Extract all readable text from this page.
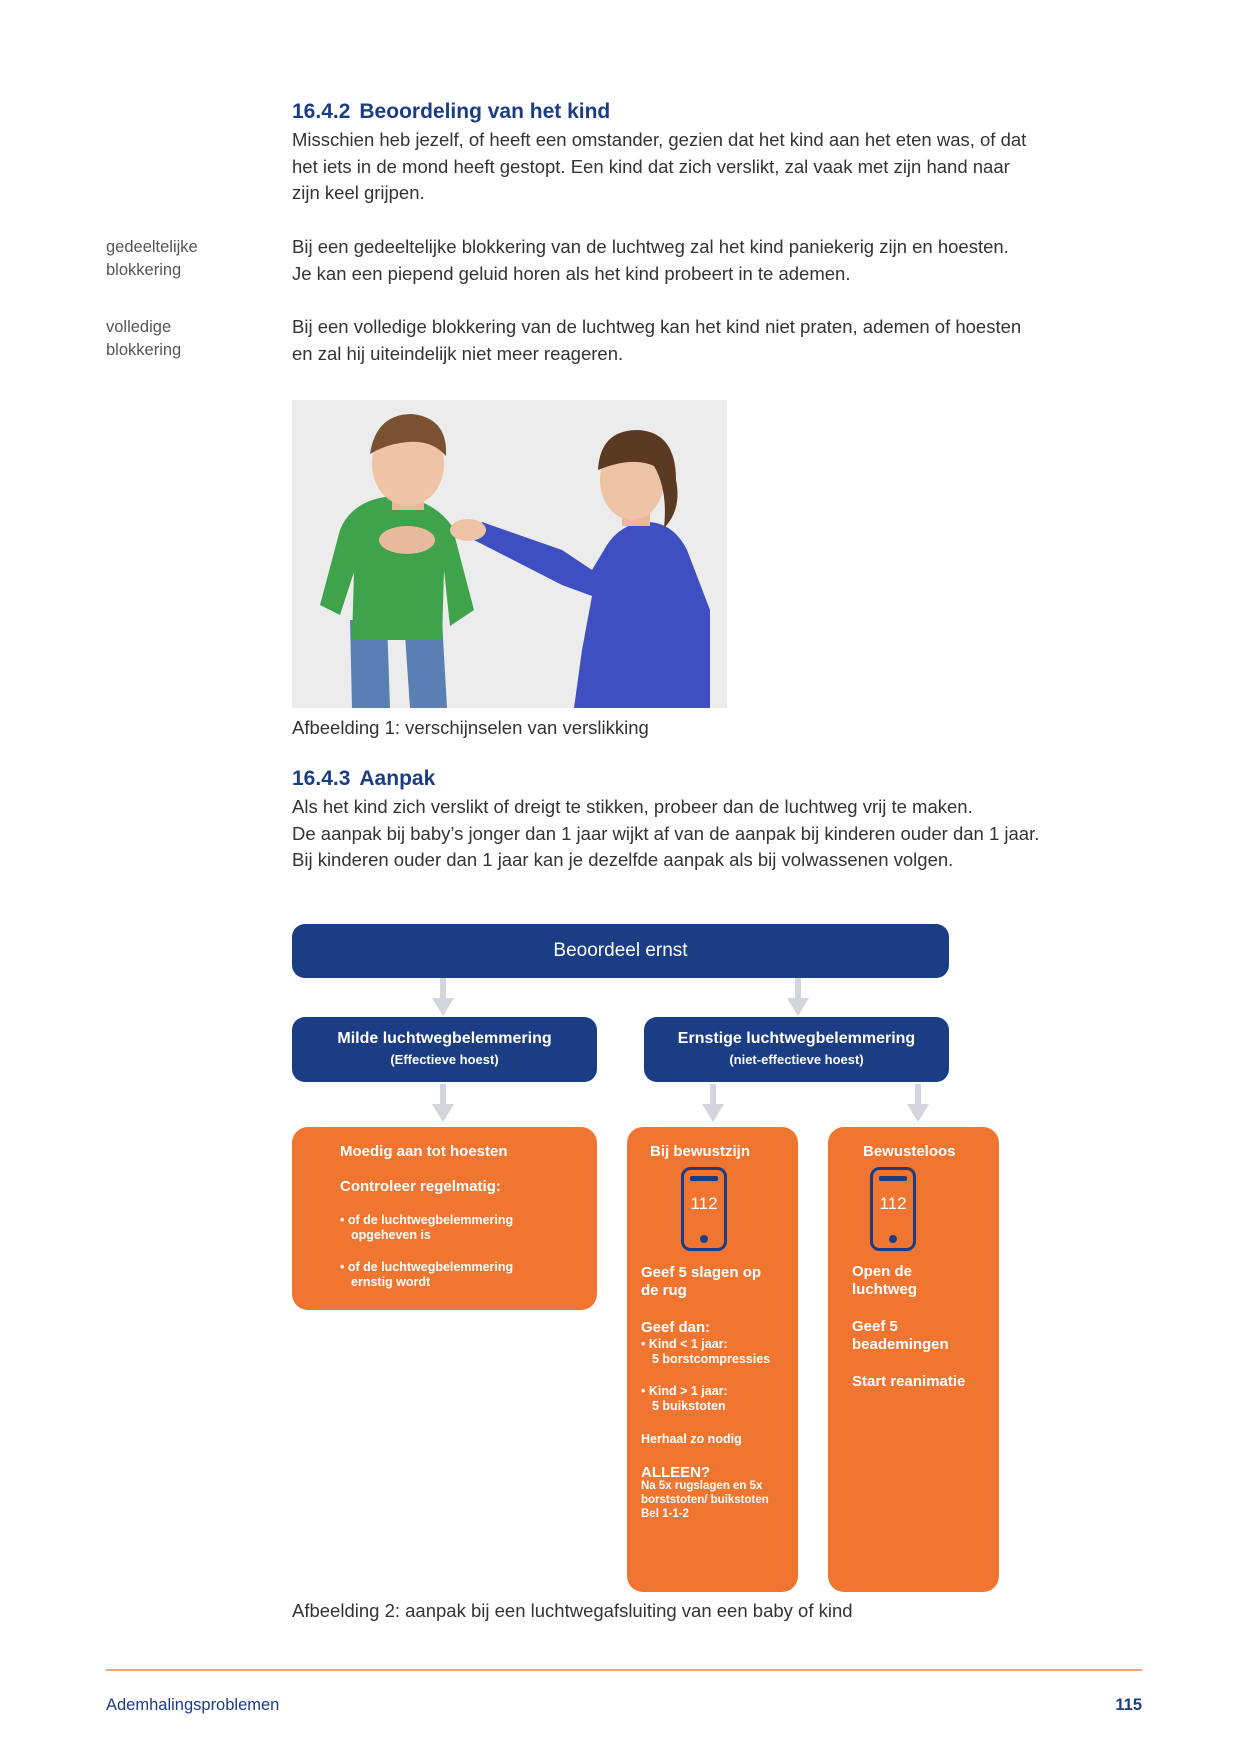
16.4.2 Beoordeling van het kind

Misschien heb jezelf, of heeft een omstander, gezien dat het kind aan het eten was, of dat

het iets in de mond heeft gestopt. Een kind dat zich verslikt, zal vaak met zijn hand naar

zijn keel grijpen.

gedeeltelijke
blokkering

Bij een gedeeltelijke blokkering van de luchtweg zal het kind paniekerig zijn en hoesten.

Je kan een piepend geluid horen als het kind probeert in te ademen.

volledige
blokkering

Bij een volledige blokkering van de luchtweg kan het kind niet praten, ademen of hoesten

en zal hij uiteindelijk niet meer reageren.

Afbeelding 1: verschijnselen van verslikking
16.4.3 Aanpak

Als het kind zich verslikt of dreigt te stikken, probeer dan de luchtweg vrij te maken.

De aanpak bij baby’s jonger dan 1 jaar wijkt af van de aanpak bij kinderen ouder dan 1 jaar.

Bij kinderen ouder dan 1 jaar kan je dezelfde aanpak als bij volwassenen volgen.

Beoordeel ernst
Milde luchtwegbelemmering
(Effectieve hoest)
Ernstige luchtwegbelemmering
(niet-effectieve hoest)
Moedig aan tot hoesten
Controleer regelmatig:
• of de luchtwegbelemmering
opgeheven is
• of de luchtwegbelemmering
ernstig wordt
Bij bewustzijn
112
Geef 5 slagen op
de rug
Geef dan:
• Kind < 1 jaar:
5 borstcompressies
• Kind > 1 jaar:
5 buikstoten
Herhaal zo nodig
ALLEEN?
Na 5x rugslagen en 5x
borststoten/ buikstoten
Bel 1-1-2
Bewusteloos
112
Open de
luchtweg
Geef 5
beademingen
Start reanimatie
Afbeelding 2: aanpak bij een luchtwegafsluiting van een baby of kind
Ademhalingsproblemen	115
